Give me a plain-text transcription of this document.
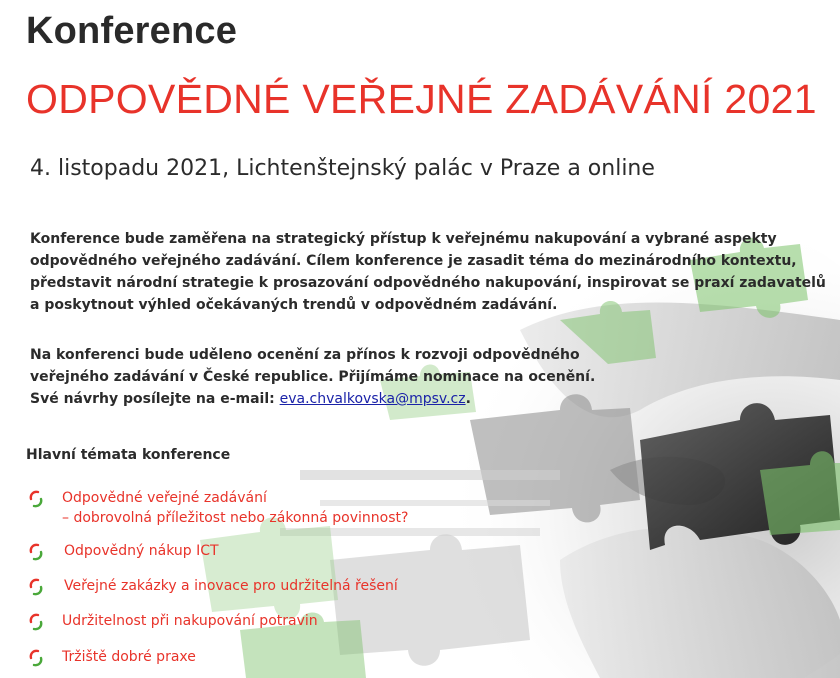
Konference
ODPOVĚDNÉ VEŘEJNÉ ZADÁVÁNÍ 2021
4. listopadu 2021, Lichtenštejnský palác v Praze a online
Konference bude zaměřena na strategický přístup k veřejnému nakupování a vybrané aspekty
odpovědného veřejného zadávání. Cílem konference je zasadit téma do mezinárodního kontextu,
představit národní strategie k prosazování odpovědného nakupování, inspirovat se praxí zadavatelů
a poskytnout výhled očekávaných trendů v odpovědném zadávání.
Na konferenci bude uděleno ocenění za přínos k rozvoji odpovědného
veřejného zadávání v České republice. Přijímáme nominace na ocenění.
Své návrhy posílejte na e-mail: eva.chvalkovska@mpsv.cz.
Hlavní témata konference
Odpovědné veřejné zadávání
– dobrovolná příležitost nebo zákonná povinnost?
Odpovědný nákup ICT
Veřejné zakázky a inovace pro udržitelná řešení
Udržitelnost při nakupování potravin
Tržiště dobré praxe
